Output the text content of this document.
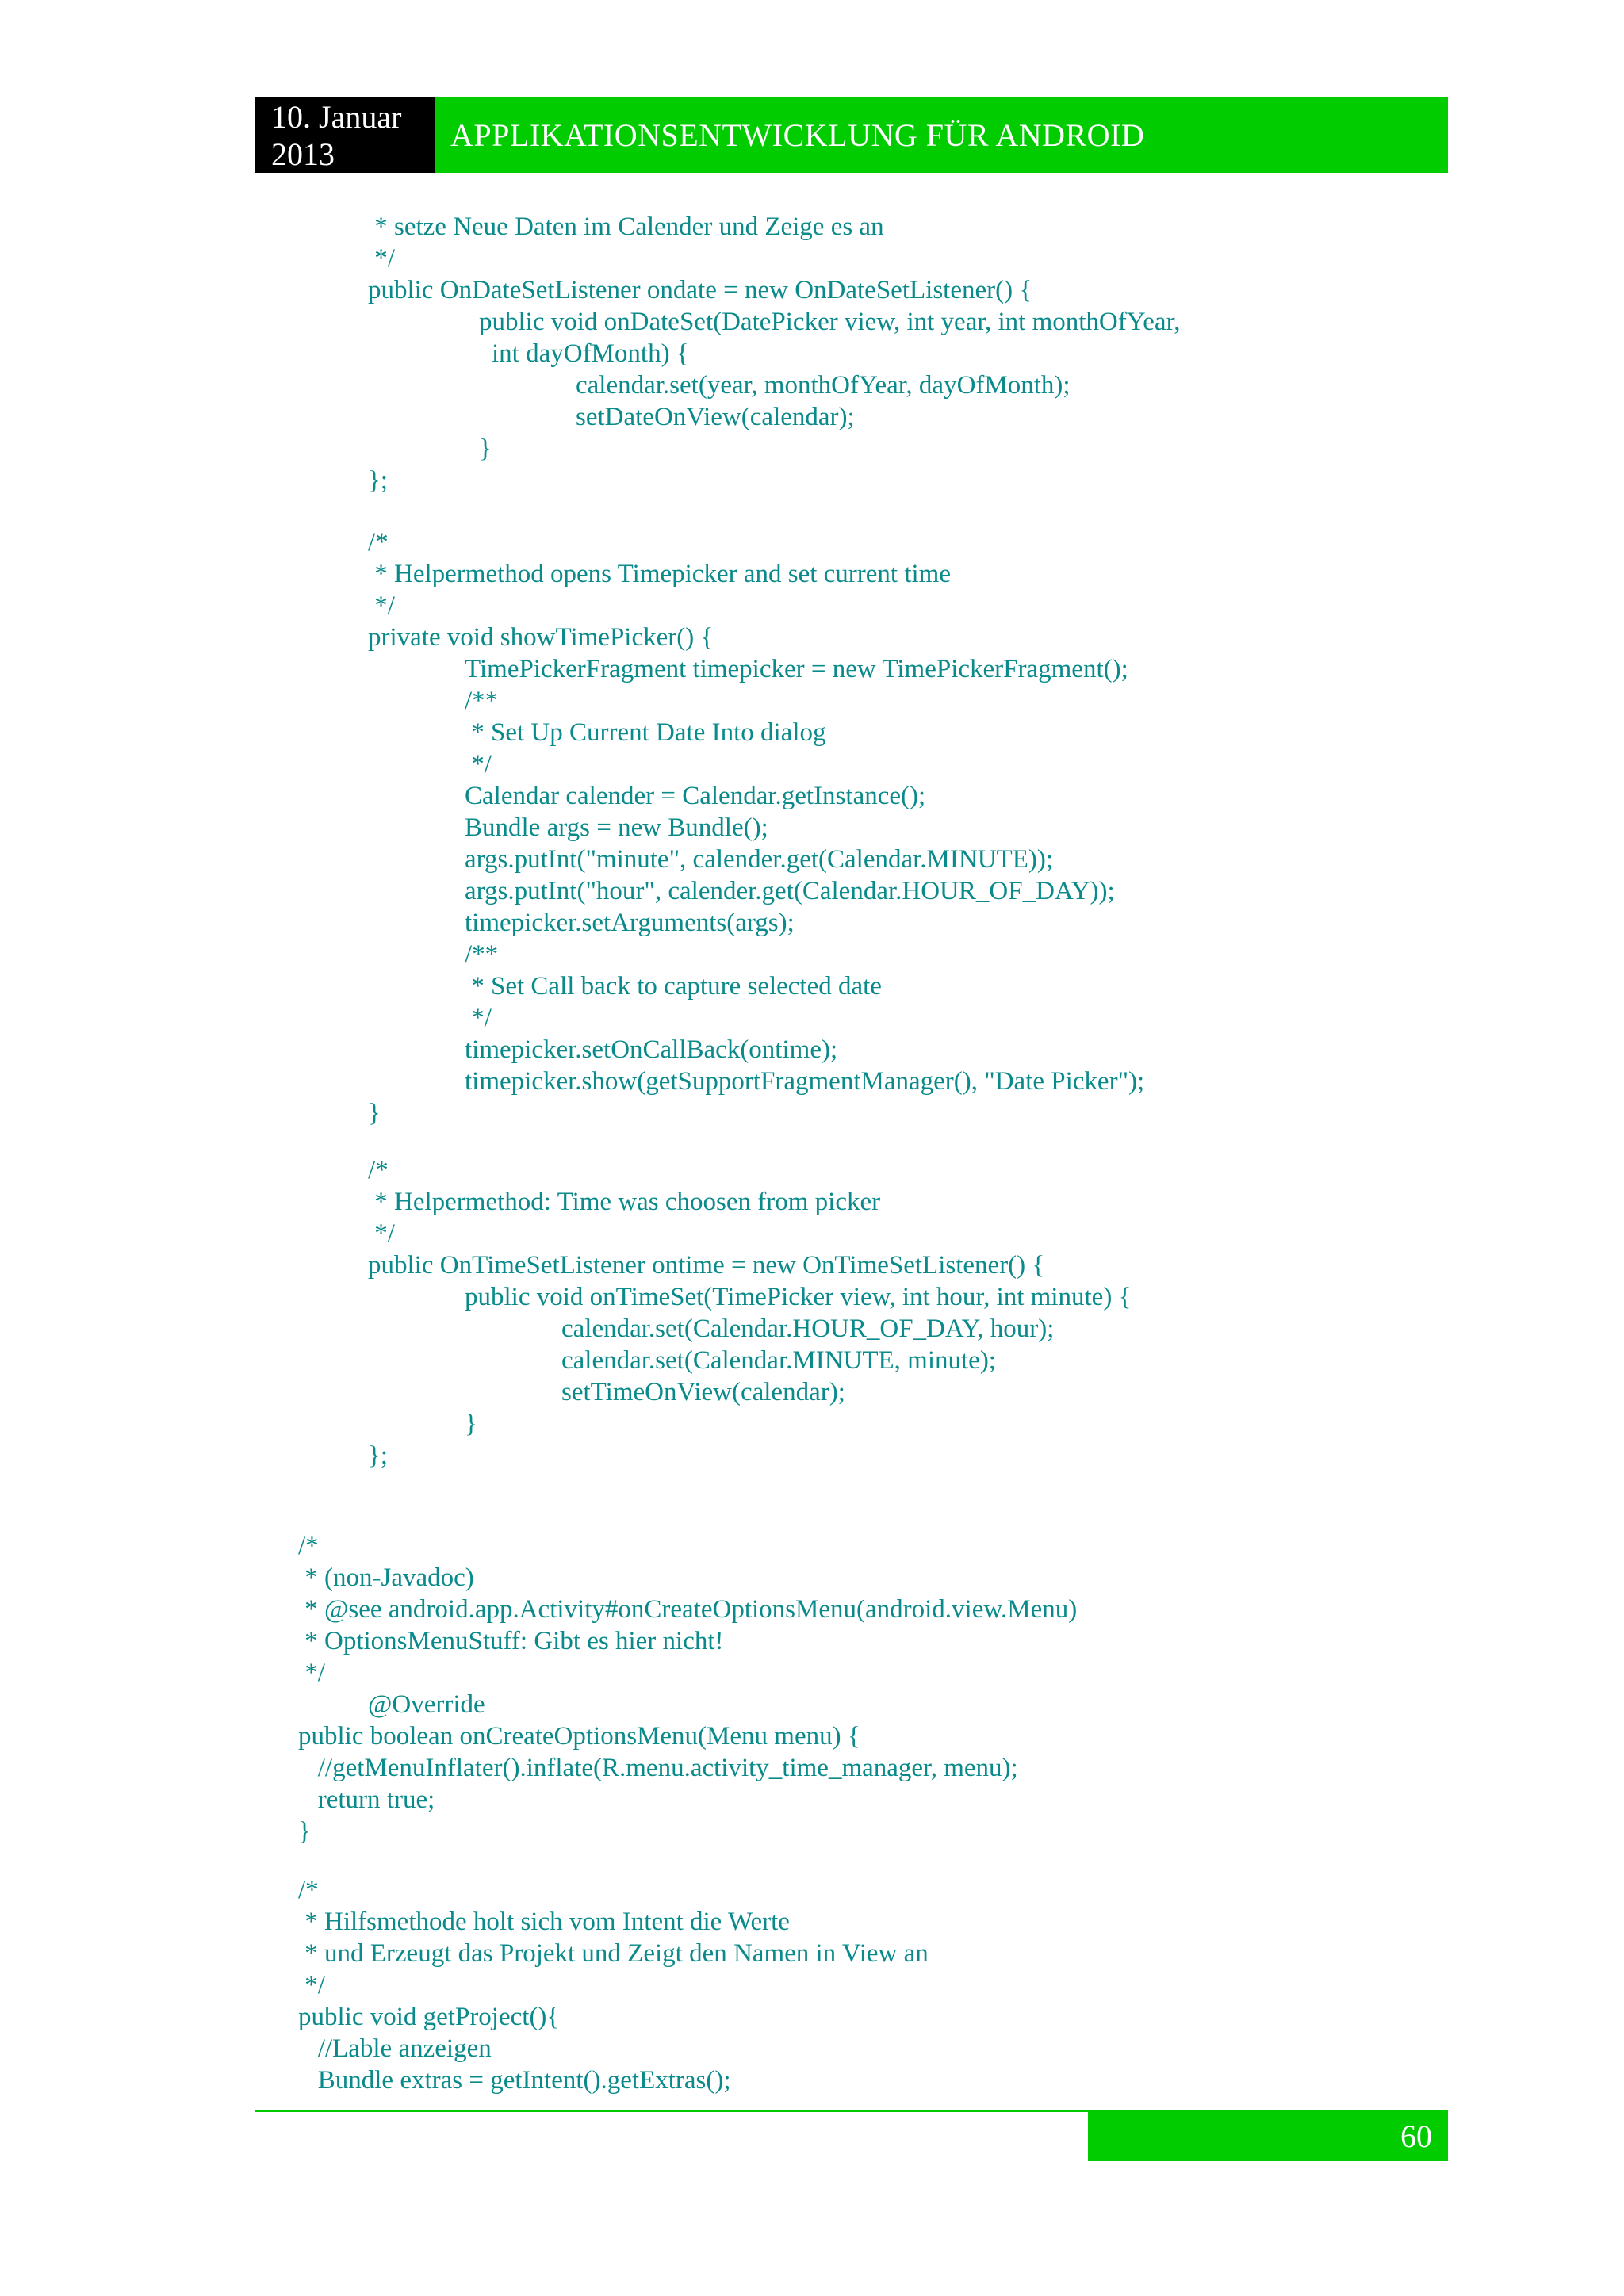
10. Januar
2013
APPLIKATIONSENTWICKLUNG FÜR ANDROID
* setze Neue Daten im Calender und Zeige es an
*/
public OnDateSetListener ondate = new OnDateSetListener() {
public void onDateSet(DatePicker view, int year, int monthOfYear,
int dayOfMonth) {
calendar.set(year, monthOfYear, dayOfMonth);
setDateOnView(calendar);
}
};
/*
* Helpermethod opens Timepicker and set current time
*/
private void showTimePicker() {
TimePickerFragment timepicker = new TimePickerFragment();
/**
* Set Up Current Date Into dialog
*/
Calendar calender = Calendar.getInstance();
Bundle args = new Bundle();
args.putInt("minute", calender.get(Calendar.MINUTE));
args.putInt("hour", calender.get(Calendar.HOUR_OF_DAY));
timepicker.setArguments(args);
/**
* Set Call back to capture selected date
*/
timepicker.setOnCallBack(ontime);
timepicker.show(getSupportFragmentManager(), "Date Picker");
}
/*
* Helpermethod: Time was choosen from picker
*/
public OnTimeSetListener ontime = new OnTimeSetListener() {
public void onTimeSet(TimePicker view, int hour, int minute) {
calendar.set(Calendar.HOUR_OF_DAY, hour);
calendar.set(Calendar.MINUTE, minute);
setTimeOnView(calendar);
}
};
/*
* (non-Javadoc)
* @see android.app.Activity#onCreateOptionsMenu(android.view.Menu)
* OptionsMenuStuff: Gibt es hier nicht!
*/
@Override
public boolean onCreateOptionsMenu(Menu menu) {
//getMenuInflater().inflate(R.menu.activity_time_manager, menu);
return true;
}
/*
* Hilfsmethode holt sich vom Intent die Werte
* und Erzeugt das Projekt und Zeigt den Namen in View an
*/
public void getProject(){
//Lable anzeigen
Bundle extras = getIntent().getExtras();
60
